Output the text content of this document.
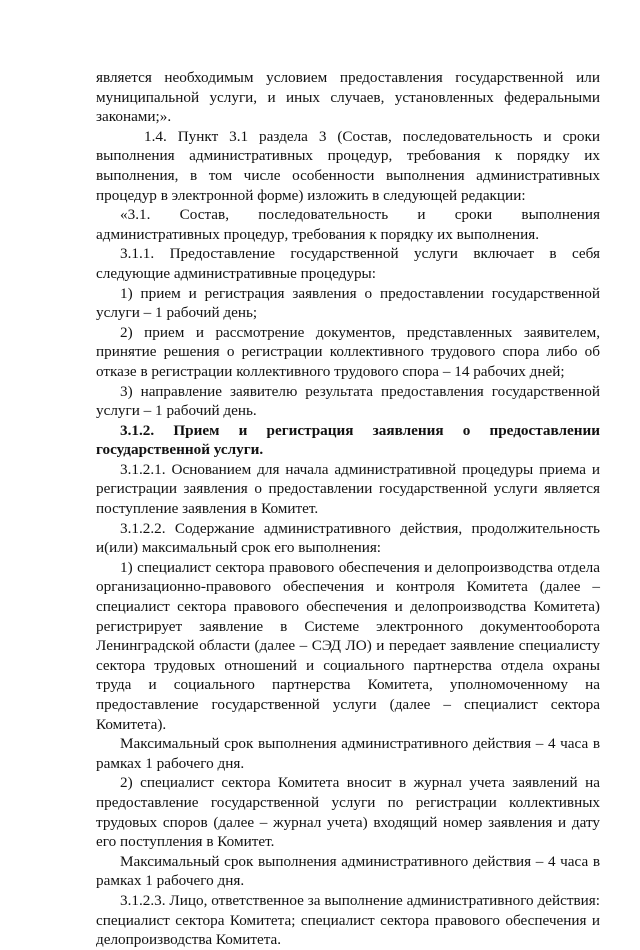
является необходимым условием предоставления государственной или муниципальной услуги, и иных случаев, установленных федеральными законами;».

1.4. Пункт 3.1 раздела 3 (Состав, последовательность и сроки выполнения административных процедур, требования к порядку их выполнения, в том числе особенности выполнения административных процедур в электронной форме) изложить в следующей редакции:

«3.1. Состав, последовательность и сроки выполнения административных процедур, требования к порядку их выполнения.

3.1.1. Предоставление государственной услуги включает в себя следующие административные процедуры:

1) прием и регистрация заявления о предоставлении государственной услуги – 1 рабочий день;

2) прием и рассмотрение документов, представленных заявителем, принятие решения о регистрации коллективного трудового спора либо об отказе в регистрации коллективного трудового спора – 14 рабочих дней;

3) направление заявителю результата предоставления государственной услуги – 1 рабочий день.

3.1.2. Прием и регистрация заявления о предоставлении государственной услуги.

3.1.2.1. Основанием для начала административной процедуры приема и регистрации заявления о предоставлении государственной услуги является поступление заявления в Комитет.

3.1.2.2. Содержание административного действия, продолжительность и(или) максимальный срок его выполнения:

1) специалист сектора правового обеспечения и делопроизводства отдела организационно-правового обеспечения и контроля Комитета (далее – специалист сектора правового обеспечения и делопроизводства Комитета) регистрирует заявление в Системе электронного документооборота Ленинградской области (далее – СЭД ЛО) и передает заявление специалисту сектора трудовых отношений и социального партнерства отдела охраны труда и социального партнерства Комитета, уполномоченному на предоставление государственной услуги (далее – специалист сектора Комитета).

Максимальный срок выполнения административного действия – 4 часа в рамках 1 рабочего дня.

2) специалист сектора Комитета вносит в журнал учета заявлений на предоставление государственной услуги по регистрации коллективных трудовых споров (далее – журнал учета) входящий номер заявления и дату его поступления в Комитет.

Максимальный срок выполнения административного действия – 4 часа в рамках 1 рабочего дня.

3.1.2.3. Лицо, ответственное за выполнение административного действия: специалист сектора Комитета; специалист сектора правового обеспечения и делопроизводства Комитета.
